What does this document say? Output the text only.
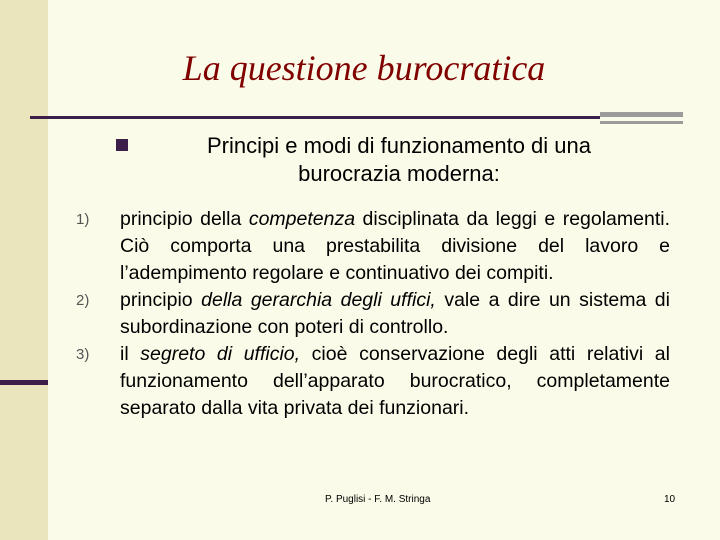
La questione burocratica
Principi e modi di funzionamento di una burocrazia moderna:
1) principio della competenza disciplinata da leggi e regolamenti. Ciò comporta una prestabilita divisione del lavoro e l’adempimento regolare e continuativo dei compiti.
2) principio della gerarchia degli uffici, vale a dire un sistema di subordinazione con poteri di controllo.
3) il segreto di ufficio, cioè conservazione degli atti relativi al funzionamento dell’apparato burocratico, completamente separato dalla vita privata dei funzionari.
P. Puglisi - F. M. Stringa	10
